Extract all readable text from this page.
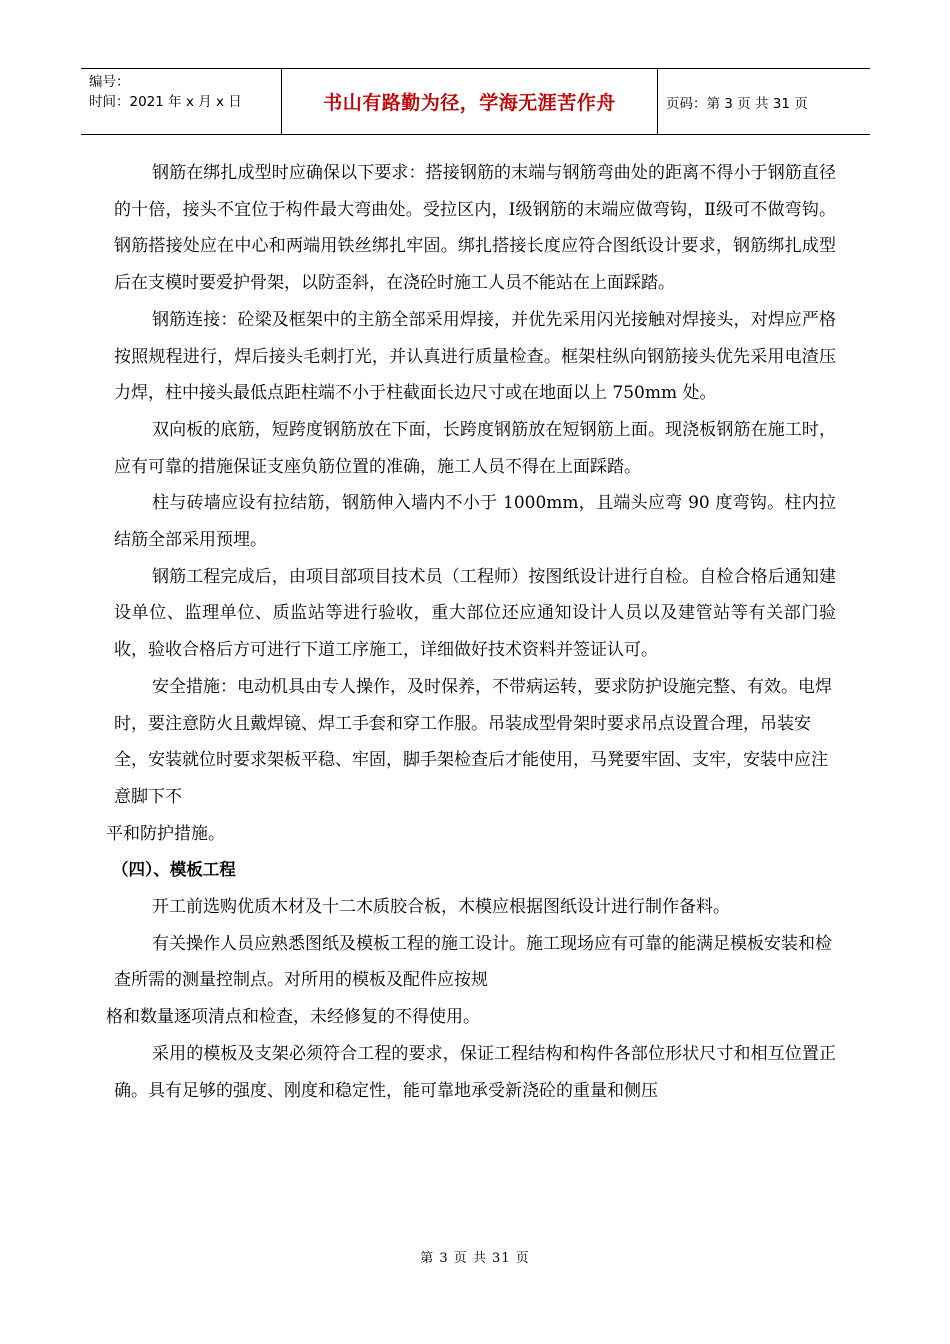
编号：
时间：2021 年 x 月 x 日	书山有路勤为径，学海无涯苦作舟	页码：第 3 页 共 31 页

钢筋在绑扎成型时应确保以下要求：搭接钢筋的末端与钢筋弯曲处的距离不得小于钢筋直径的十倍，接头不宜位于构件最大弯曲处。受拉区内，Ⅰ级钢筋的末端应做弯钩，Ⅱ级可不做弯钩。钢筋搭接处应在中心和两端用铁丝绑扎牢固。绑扎搭接长度应符合图纸设计要求，钢筋绑扎成型后在支模时要爱护骨架，以防歪斜，在浇砼时施工人员不能站在上面踩踏。

钢筋连接：砼梁及框架中的主筋全部采用焊接，并优先采用闪光接触对焊接头，对焊应严格按照规程进行，焊后接头毛刺打光，并认真进行质量检查。框架柱纵向钢筋接头优先采用电渣压力焊，柱中接头最低点距柱端不小于柱截面长边尺寸或在地面以上 750mm 处。

双向板的底筋，短跨度钢筋放在下面，长跨度钢筋放在短钢筋上面。现浇板钢筋在施工时，应有可靠的措施保证支座负筋位置的准确，施工人员不得在上面踩踏。

柱与砖墙应设有拉结筋，钢筋伸入墙内不小于 1000mm，且端头应弯 90 度弯钩。柱内拉结筋全部采用预埋。

钢筋工程完成后，由项目部项目技术员（工程师）按图纸设计进行自检。自检合格后通知建设单位、监理单位、质监站等进行验收，重大部位还应通知设计人员以及建管站等有关部门验收，验收合格后方可进行下道工序施工，详细做好技术资料并签证认可。

安全措施：电动机具由专人操作，及时保养，不带病运转，要求防护设施完整、有效。电焊时，要注意防火且戴焊镜、焊工手套和穿工作服。吊装成型骨架时要求吊点设置合理，吊装安全，安装就位时要求架板平稳、牢固，脚手架检查后才能使用，马凳要牢固、支牢，安装中应注意脚下不

平和防护措施。

（四）、模板工程

开工前选购优质木材及十二木质胶合板，木模应根据图纸设计进行制作备料。

有关操作人员应熟悉图纸及模板工程的施工设计。施工现场应有可靠的能满足模板安装和检查所需的测量控制点。对所用的模板及配件应按规

格和数量逐项清点和检查，未经修复的不得使用。

采用的模板及支架必须符合工程的要求，保证工程结构和构件各部位形状尺寸和相互位置正确。具有足够的强度、刚度和稳定性，能可靠地承受新浇砼的重量和侧压

第 3 页 共 31 页
